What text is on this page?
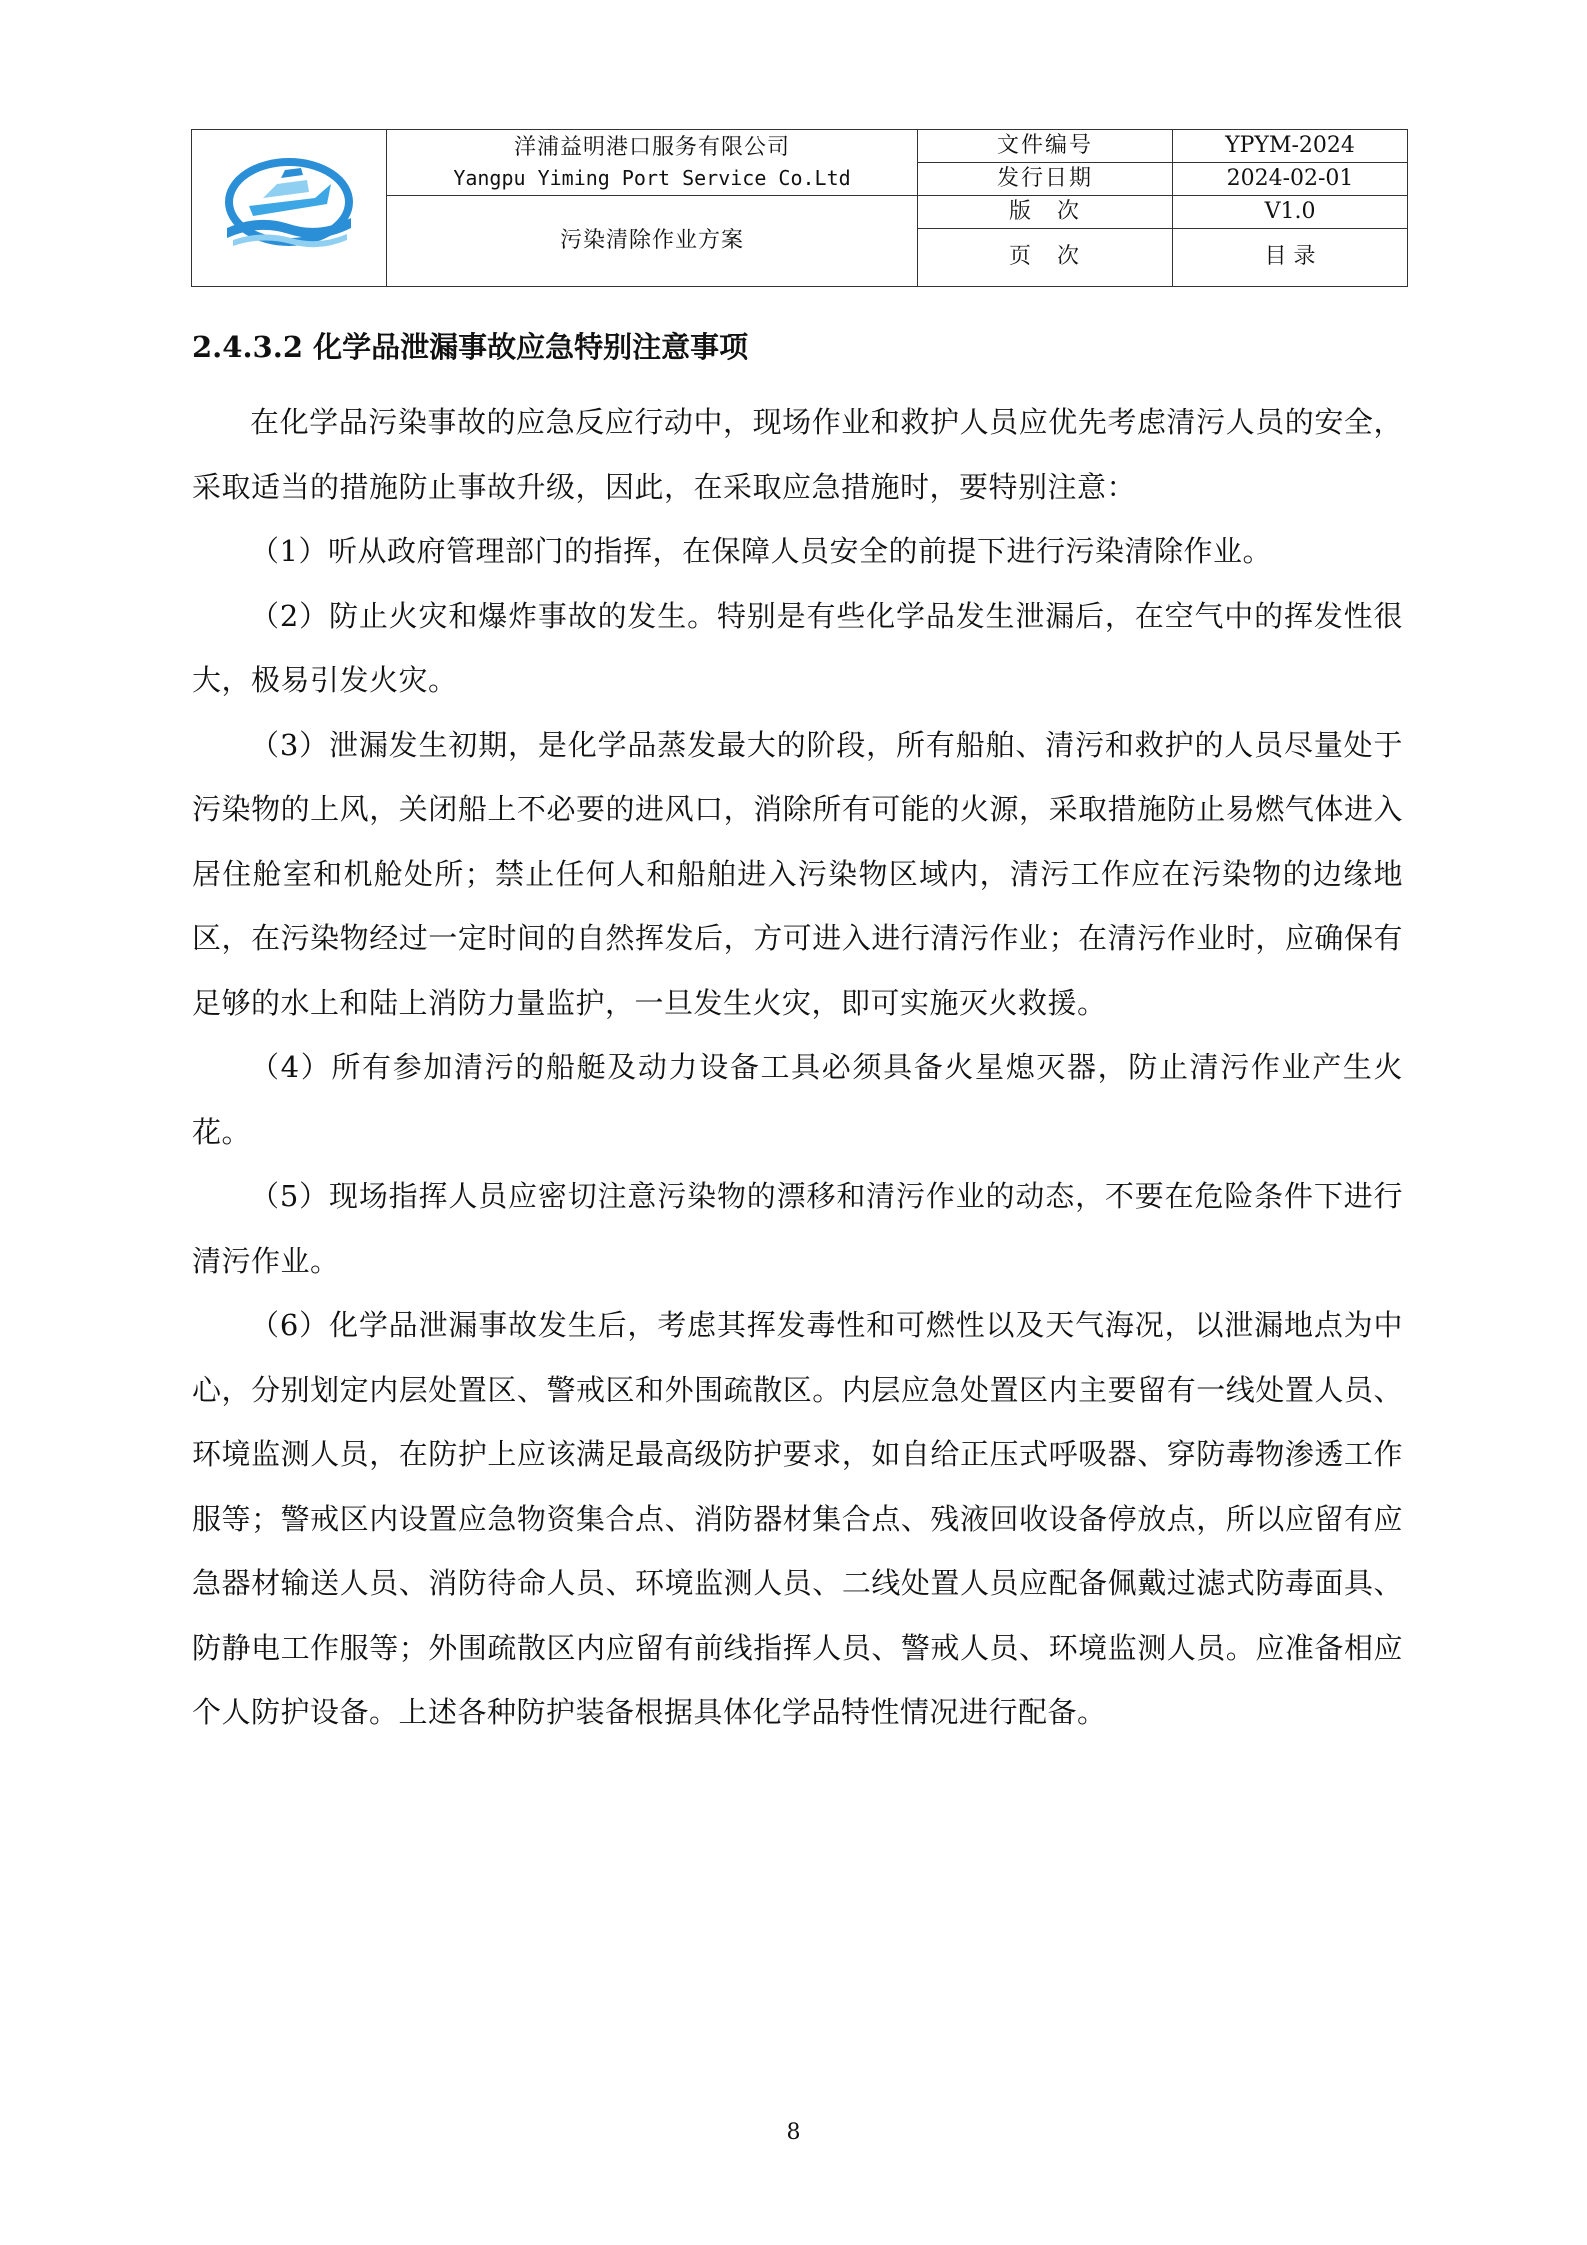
洋浦益明港口服务有限公司
Yangpu Yiming Port Service Co.Ltd	文件编号	YPYM-2024
		发行日期	2024-02-01
	污染清除作业方案	版　次	V1.0
		页　次	目 录
2.4.3.2 化学品泄漏事故应急特别注意事项

在化学品污染事故的应急反应行动中，现场作业和救护人员应优先考虑清污人员的安全，采取适当的措施防止事故升级，因此，在采取应急措施时，要特别注意：

（1）听从政府管理部门的指挥，在保障人员安全的前提下进行污染清除作业。

（2）防止火灾和爆炸事故的发生。特别是有些化学品发生泄漏后，在空气中的挥发性很大，极易引发火灾。

（3）泄漏发生初期，是化学品蒸发最大的阶段，所有船舶、清污和救护的人员尽量处于污染物的上风，关闭船上不必要的进风口，消除所有可能的火源，采取措施防止易燃气体进入居住舱室和机舱处所；禁止任何人和船舶进入污染物区域内，清污工作应在污染物的边缘地区，在污染物经过一定时间的自然挥发后，方可进入进行清污作业；在清污作业时，应确保有足够的水上和陆上消防力量监护，一旦发生火灾，即可实施灭火救援。

（4）所有参加清污的船艇及动力设备工具必须具备火星熄灭器，防止清污作业产生火花。

（5）现场指挥人员应密切注意污染物的漂移和清污作业的动态，不要在危险条件下进行清污作业。

（6）化学品泄漏事故发生后，考虑其挥发毒性和可燃性以及天气海况，以泄漏地点为中心，分别划定内层处置区、警戒区和外围疏散区。内层应急处置区内主要留有一线处置人员、环境监测人员，在防护上应该满足最高级防护要求，如自给正压式呼吸器、穿防毒物渗透工作服等；警戒区内设置应急物资集合点、消防器材集合点、残液回收设备停放点，所以应留有应急器材输送人员、消防待命人员、环境监测人员、二线处置人员应配备佩戴过滤式防毒面具、防静电工作服等；外围疏散区内应留有前线指挥人员、警戒人员、环境监测人员。应准备相应个人防护设备。上述各种防护装备根据具体化学品特性情况进行配备。

8
